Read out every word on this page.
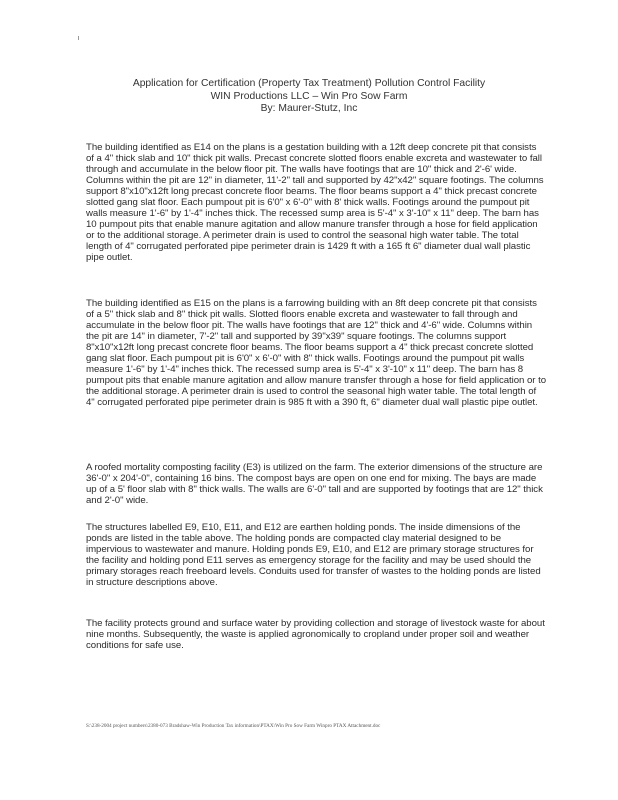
Application for Certification (Property Tax Treatment) Pollution Control Facility
WIN Productions LLC – Win Pro Sow Farm
By: Maurer-Stutz, Inc

The building identified as E14 on the plans is a gestation building with a 12ft deep concrete pit that consists of a 4" thick slab and 10" thick pit walls. Precast concrete slotted floors enable excreta and wastewater to fall through and accumulate in the below floor pit. The walls have footings that are 10" thick and 2'-6' wide. Columns within the pit are 12" in diameter, 11'-2" tall and supported by 42"x42" square footings. The columns support 8"x10"x12ft long precast concrete floor beams. The floor beams support a 4" thick precast concrete slotted gang slat floor. Each pumpout pit is 6'0" x 6'-0" with 8' thick walls. Footings around the pumpout pit walls measure 1'-6" by 1'-4" inches thick. The recessed sump area is 5'-4" x 3'-10" x 11" deep. The barn has 10 pumpout pits that enable manure agitation and allow manure transfer through a hose for field application or to the additional storage. A perimeter drain is used to control the seasonal high water table. The total length of 4" corrugated perforated pipe perimeter drain is 1429 ft with a 165 ft 6" diameter dual wall plastic pipe outlet.

The building identified as E15 on the plans is a farrowing building with an 8ft deep concrete pit that consists of a 5" thick slab and 8" thick pit walls. Slotted floors enable excreta and wastewater to fall through and accumulate in the below floor pit. The walls have footings that are 12" thick and 4'-6" wide. Columns within the pit are 14" in diameter, 7'-2" tall and supported by 39"x39" square footings. The columns support 8"x10"x12ft long precast concrete floor beams. The floor beams support a 4" thick precast concrete slotted gang slat floor. Each pumpout pit is 6'0" x 6'-0" with 8" thick walls. Footings around the pumpout pit walls measure 1'-6" by 1'-4" inches thick. The recessed sump area is 5'-4" x 3'-10" x 11" deep. The barn has 8 pumpout pits that enable manure agitation and allow manure transfer through a hose for field application or to the additional storage. A perimeter drain is used to control the seasonal high water table. The total length of 4" corrugated perforated pipe perimeter drain is 985 ft with a 390 ft, 6" diameter dual wall plastic pipe outlet.

A roofed mortality composting facility (E3) is utilized on the farm. The exterior dimensions of the structure are 36'-0" x 204'-0", containing 16 bins. The compost bays are open on one end for mixing. The bays are made up of a 5' floor slab with 8" thick walls. The walls are 6'-0" tall and are supported by footings that are 12" thick and 2'-0" wide.

The structures labelled E9, E10, E11, and E12 are earthen holding ponds. The inside dimensions of the ponds are listed in the table above. The holding ponds are compacted clay material designed to be impervious to wastewater and manure. Holding ponds E9, E10, and E12 are primary storage structures for the facility and holding pond E11 serves as emergency storage for the facility and may be used should the primary storages reach freeboard levels. Conduits used for transfer of wastes to the holding ponds are listed in structure descriptions above.

The facility protects ground and surface water by providing collection and storage of livestock waste for about nine months. Subsequently, the waste is applied agronomically to cropland under proper soil and weather conditions for safe use.

S:\238-2004 project numbers\2380-073 Bradshaw-Win Production Tax information\PTAX\Win Pro Sow Farm Winpro PTAX Attachment.doc
